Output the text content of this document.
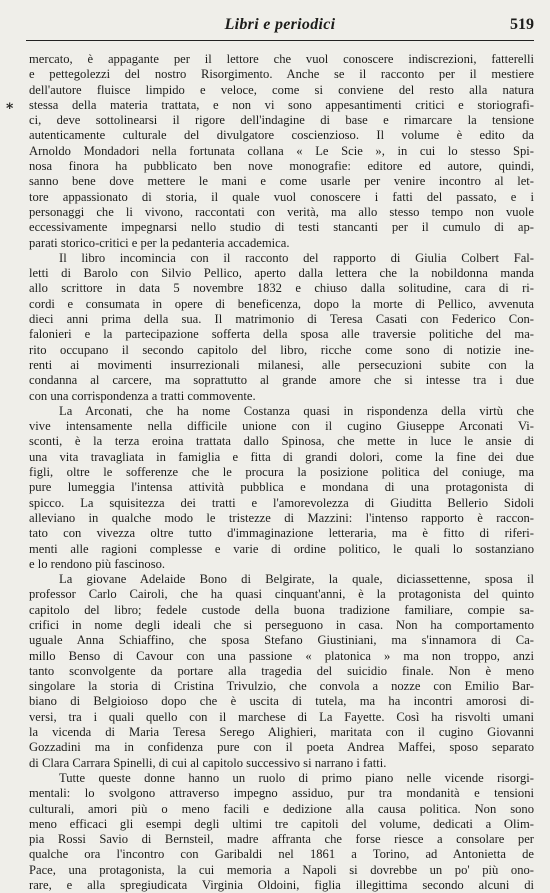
Libri e periodici	519
⁎
mercato, è appagante per il lettore che vuol conoscere indiscrezioni, fatterelli
e pettegolezzi del nostro Risorgimento. Anche se il racconto per il mestiere
dell'autore fluisce limpido e veloce, come si conviene del resto alla natura
stessa della materia trattata, e non vi sono appesantimenti critici e storiografi-
ci, deve sottolinearsi il rigore dell'indagine di base e rimarcare la tensione
autenticamente culturale del divulgatore coscienzioso. Il volume è edito da
Arnoldo Mondadori nella fortunata collana « Le Scie », in cui lo stesso Spi-
nosa finora ha pubblicato ben nove monografie: editore ed autore, quindi,
sanno bene dove mettere le mani e come usarle per venire incontro al let-
tore appassionato di storia, il quale vuol conoscere i fatti del passato, e i
personaggi che li vivono, raccontati con verità, ma allo stesso tempo non vuole
eccessivamente impegnarsi nello studio di testi stancanti per il cumulo di ap-
parati storico-critici e per la pedanteria accademica.
Il libro incomincia con il racconto del rapporto di Giulia Colbert Fal-
letti di Barolo con Silvio Pellico, aperto dalla lettera che la nobildonna manda
allo scrittore in data 5 novembre 1832 e chiuso dalla solitudine, cara di ri-
cordi e consumata in opere di beneficenza, dopo la morte di Pellico, avvenuta
dieci anni prima della sua. Il matrimonio di Teresa Casati con Federico Con-
falonieri e la partecipazione sofferta della sposa alle traversie politiche del ma-
rito occupano il secondo capitolo del libro, ricche come sono di notizie ine-
renti ai movimenti insurrezionali milanesi, alle persecuzioni subite con la
condanna al carcere, ma soprattutto al grande amore che si intesse tra i due
con una corrispondenza a tratti commovente.
La Arconati, che ha nome Costanza quasi in rispondenza della virtù che
vive intensamente nella difficile unione con il cugino Giuseppe Arconati Vi-
sconti, è la terza eroina trattata dallo Spinosa, che mette in luce le ansie di
una vita travagliata in famiglia e fitta di grandi dolori, come la fine dei due
figli, oltre le sofferenze che le procura la posizione politica del coniuge, ma
pure lumeggia l'intensa attività pubblica e mondana di una protagonista di
spicco. La squisitezza dei tratti e l'amorevolezza di Giuditta Bellerio Sidoli
alleviano in qualche modo le tristezze di Mazzini: l'intenso rapporto è raccon-
tato con vivezza oltre tutto d'immaginazione letteraria, ma è fitto di riferi-
menti alle ragioni complesse e varie di ordine politico, le quali lo sostanziano
e lo rendono più fascinoso.
La giovane Adelaide Bono di Belgirate, la quale, diciassettenne, sposa il
professor Carlo Cairoli, che ha quasi cinquant'anni, è la protagonista del quinto
capitolo del libro; fedele custode della buona tradizione familiare, compie sa-
crifici in nome degli ideali che si perseguono in casa. Non ha comportamento
uguale Anna Schiaffino, che sposa Stefano Giustiniani, ma s'innamora di Ca-
millo Benso di Cavour con una passione « platonica » ma non troppo, anzi
tanto sconvolgente da portare alla tragedia del suicidio finale. Non è meno
singolare la storia di Cristina Trivulzio, che convola a nozze con Emilio Bar-
biano di Belgioioso dopo che è uscita di tutela, ma ha incontri amorosi di-
versi, tra i quali quello con il marchese di La Fayette. Così ha risvolti umani
la vicenda di Maria Teresa Serego Alighieri, maritata con il cugino Giovanni
Gozzadini ma in confidenza pure con il poeta Andrea Maffei, sposo separato
di Clara Carrara Spinelli, di cui al capitolo successivo si narrano i fatti.
Tutte queste donne hanno un ruolo di primo piano nelle vicende risorgi-
mentali: lo svolgono attraverso impegno assiduo, pur tra mondanità e tensioni
culturali, amori più o meno facili e dedizione alla causa politica. Non sono
meno efficaci gli esempi degli ultimi tre capitoli del volume, dedicati a Olim-
pia Rossi Savio di Bernsteil, madre affranta che forse riesce a consolare per
qualche ora l'incontro con Garibaldi nel 1861 a Torino, ad Antonietta de
Pace, una protagonista, la cui memoria a Napoli si dovrebbe un po' più ono-
rare, e alla spregiudicata Virginia Oldoini, figlia illegittima secondo alcuni di
